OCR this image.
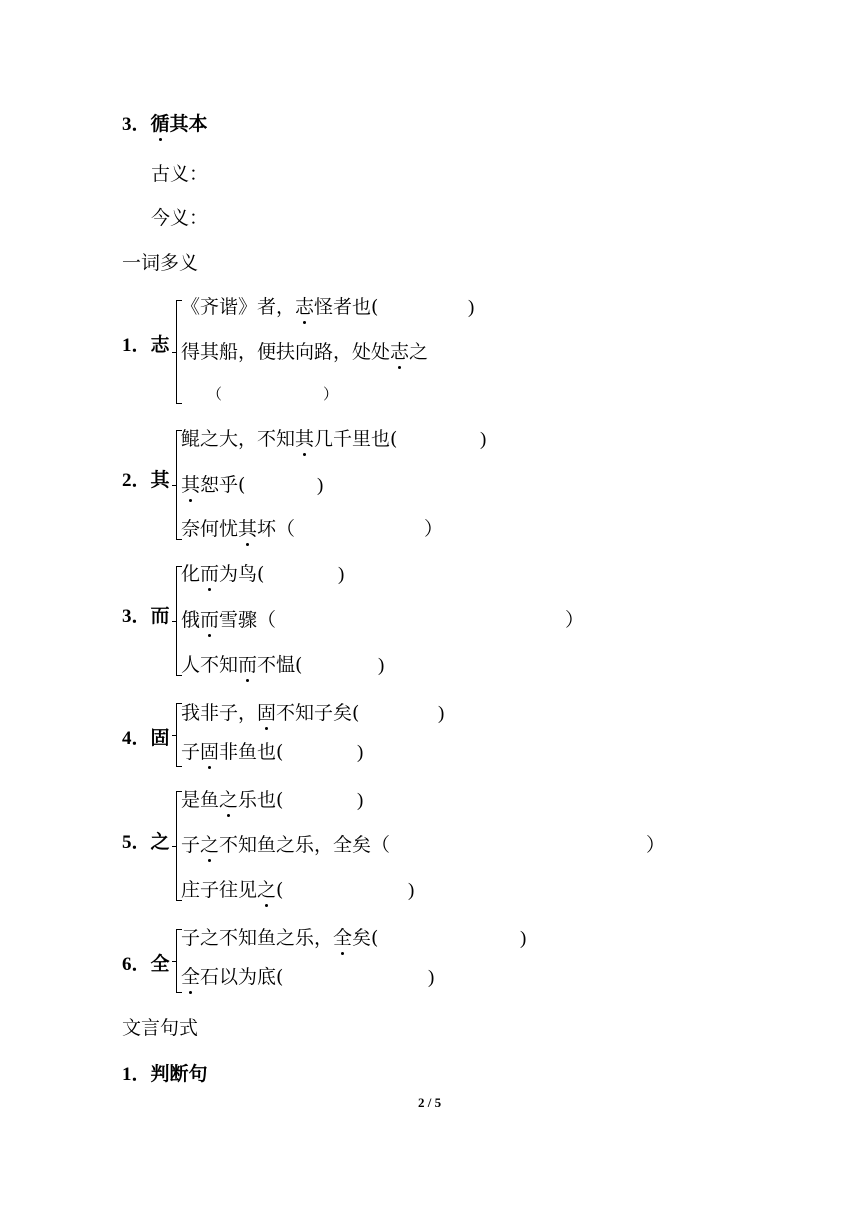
3．循其本
古义：
今义：
一词多义
1．志
《齐谐》者，志怪者也(	)
得其船，便扶向路，处处志之
（	）
2．其
鲲之大，不知其几千里也(	)
其恕乎(	)
奈何忧其坏（	）
3．而
化而为鸟(	)
俄而雪骤（	）
人不知而不愠(	)
4．固
我非子，固不知子矣(	)
子固非鱼也(	)
5．之
是鱼之乐也(	)
子之不知鱼之乐，全矣（	）
庄子往见之(	)
6．全
子之不知鱼之乐，全矣(	)
全石以为底(	)
文言句式
1．判断句
2 / 5
